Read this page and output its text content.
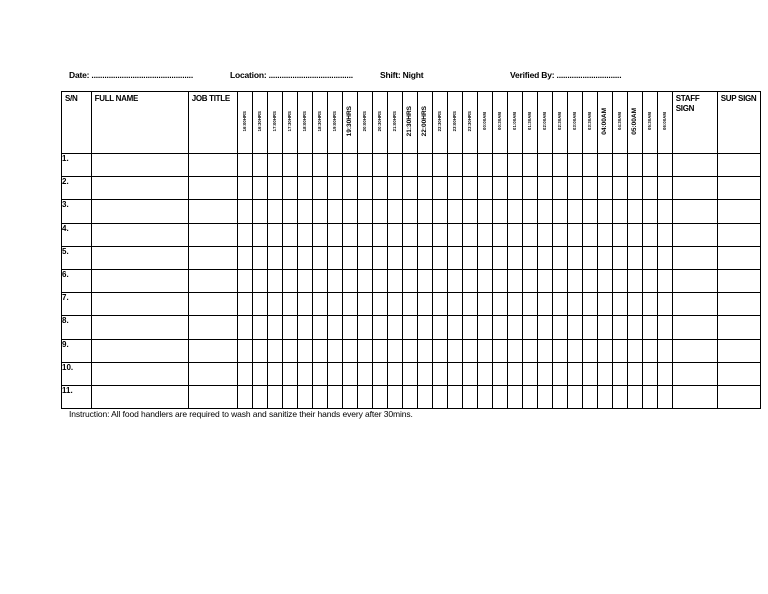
Date: ...............................................	Location: .......................................	Shift: Night	Verified By: ..............................
S/N	FULL NAME	JOB TITLE	16:00HRS	16:30HRS	17:00HRS	17:30HRS	18:00HRS	18:30HRS	19:00HRS	19:30HRS	20:00HRS	20:30HRS	21:00HRS	21:30HRS	22:00HRS	22:30HRS	23:00HRS	23:30HRS	00:00AM	00:30AM	01:00AM	01:30AM	02:00AM	02:30AM	03:00AM	03:30AM	04:00AM	04:30AM	05:00AM	05:30AM	06:00AM	STAFF SIGN	SUP SIGN
1.																																	
2.																																	
3.																																	
4.																																	
5.																																	
6.																																	
7.																																	
8.																																	
9.																																	
10.																																	
11.																																	
Instruction: All food handlers are required to wash and sanitize their hands every after 30mins.
